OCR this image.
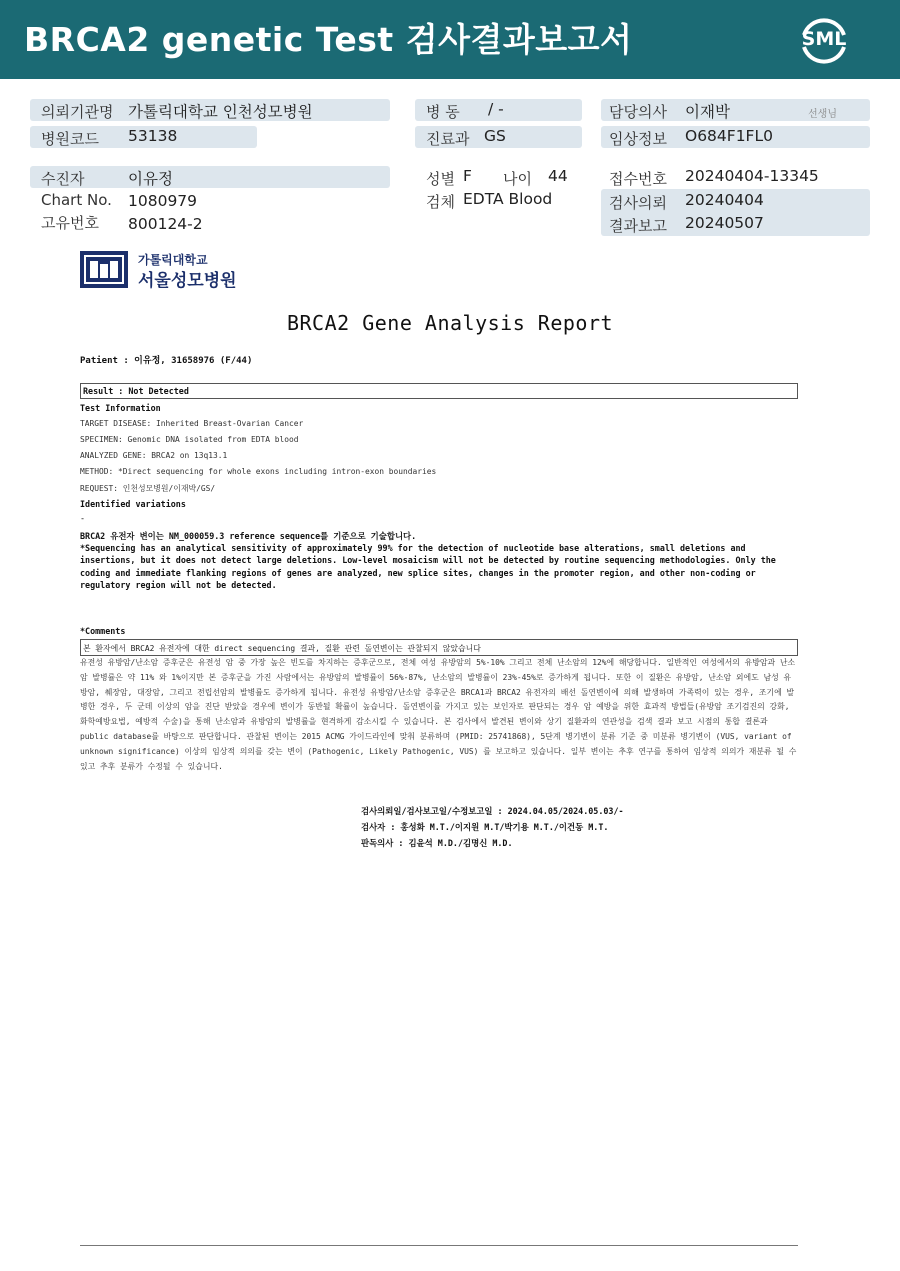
BRCA2 genetic Test 검사결과보고서	SML
의뢰기관명 가톨릭대학교 인천성모병원
병원코드 53138
병 동 / -
진료과 GS
담당의사 이재박	선생님
임상정보 O684F1FL0
수진자	이유정
Chart No. 1080979
고유번호 800124-2
성별 F 나이 44
검체 EDTA Blood
접수번호 20240404-13345
검사의뢰 20240404
결과보고 20240507
가톨릭대학교
서울성모병원
BRCA2 Gene Analysis Report
Patient : 이유정, 31658976 (F/44)
Result : Not Detected
Test Information
TARGET DISEASE: Inherited Breast-Ovarian Cancer
SPECIMEN: Genomic DNA isolated from EDTA blood
ANALYZED GENE: BRCA2 on 13q13.1
METHOD: *Direct sequencing for whole exons including intron-exon boundaries
REQUEST: 인천성모병원/이재박/GS/
Identified variations
-
BRCA2 유전자 변이는 NM_000059.3 reference sequence를 기준으로 기술합니다.
*Sequencing has an analytical sensitivity of approximately 99% for the detection of nucleotide base alterations, small deletions and insertions, but it does not detect large deletions. Low-level mosaicism will not be detected by routine sequencing methodologies. Only the coding and immediate flanking regions of genes are analyzed, new splice sites, changes in the promoter region, and other non-coding or regulatory region will not be detected.
*Comments
본 환자에서 BRCA2 유전자에 대한 direct sequencing 결과, 질환 관련 돌연변이는 관찰되지 않았습니다
유전성 유방암/난소암 증후군은 유전성 암 중 가장 높은 빈도를 차지하는 증후군으로, 전체 여성 유방암의 5%-10% 그리고 전체 난소암의 12%에 해당합니다. 일반적인 여성에서의 유방암과 난소암 발병률은 약 11% 와 1%이지만 본 증후군을 가진 사람에서는 유방암의 발병률이 56%-87%, 난소암의 발병률이 23%-45%로 증가하게 됩니다. 또한 이 질환은 유방암, 난소암 외에도 남성 유방암, 췌장암, 대장암, 그리고 전립선암의 발병률도 증가하게 됩니다. 유전성 유방암/난소암 증후군은 BRCA1과 BRCA2 유전자의 배선 돌연변이에 의해 발생하며 가족력이 있는 경우, 조기에 발병한 경우, 두 군데 이상의 암을 진단 받았을 경우에 변이가 동반될 확률이 높습니다. 돌연변이를 가지고 있는 보인자로 판단되는 경우 암 예방을 위한 효과적 방법들(유방암 조기검진의 강화, 화학예방요법, 예방적 수술)을 통해 난소암과 유방암의 발병률을 현격하게 감소시킬 수 있습니다. 본 검사에서 발견된 변이와 상기 질환과의 연관성을 검색 결과 보고 시점의 통합 결론과 public database를 바탕으로 판단합니다. 관찰된 변이는 2015 ACMG 가이드라인에 맞춰 분류하며 (PMID: 25741868), 5단계 병기변이 분류 기준 중 미분류 병기변이 (VUS, variant of unknown significance) 이상의 임상적 의의를 갖는 변이 (Pathogenic, Likely Pathogenic, VUS) 를 보고하고 있습니다. 일부 변이는 추후 연구를 통하여 임상적 의의가 재분류 될 수 있고 추후 분류가 수정될 수 있습니다.
검사의뢰일/검사보고일/수정보고일 : 2024.04.05/2024.05.03/-
검사자 : 홍성화 M.T./이지원 M.T/박기용 M.T./이건동 M.T.
판독의사 : 김윤석 M.D./김명신 M.D.
